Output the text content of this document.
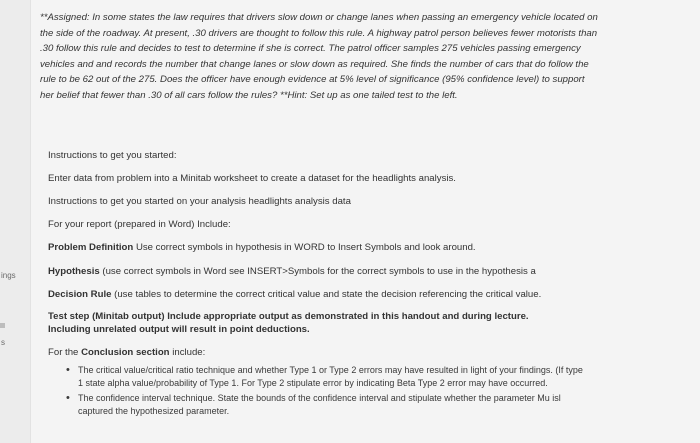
ings
s

**Assigned: In some states the law requires that drivers slow down or change lanes when passing an emergency vehicle located on the side of the roadway. At present, .30 drivers are thought to follow this rule. A highway patrol person believes fewer motorists than .30 follow this rule and decides to test to determine if she is correct. The patrol officer samples 275 vehicles passing emergency vehicles and and records the number that change lanes or slow down as required. She finds the number of cars that do follow the rule to be 62 out of the 275. Does the officer have enough evidence at 5% level of significance (95% confidence level) to support her belief that fewer than .30 of all cars follow the rules? **Hint: Set up as one tailed test to the left.

Instructions to get you started:
Enter data from problem into a Minitab worksheet to create a dataset for the headlights analysis.
Instructions to get you started on your analysis headlights analysis data
For your report (prepared in Word) Include:
Problem Definition Use correct symbols in hypothesis in WORD to Insert Symbols and look around.
Hypothesis (use correct symbols in Word see INSERT>Symbols for the correct symbols to use in the hypothesis a
Decision Rule (use tables to determine the correct critical value and state the decision referencing the critical value.
Test step (Minitab output) Include appropriate output as demonstrated in this handout and during lecture. Including unrelated output will result in point deductions.
For the Conclusion section include:
• The critical value/critical ratio technique and whether Type 1 or Type 2 errors may have resulted in light of your findings. (If type 1 state alpha value/probability of Type 1. For Type 2 stipulate error by indicating Beta Type 2 error may have occurred.
• The confidence interval technique. State the bounds of the confidence interval and stipulate whether the parameter Mu isl captured the hypothesized parameter.
